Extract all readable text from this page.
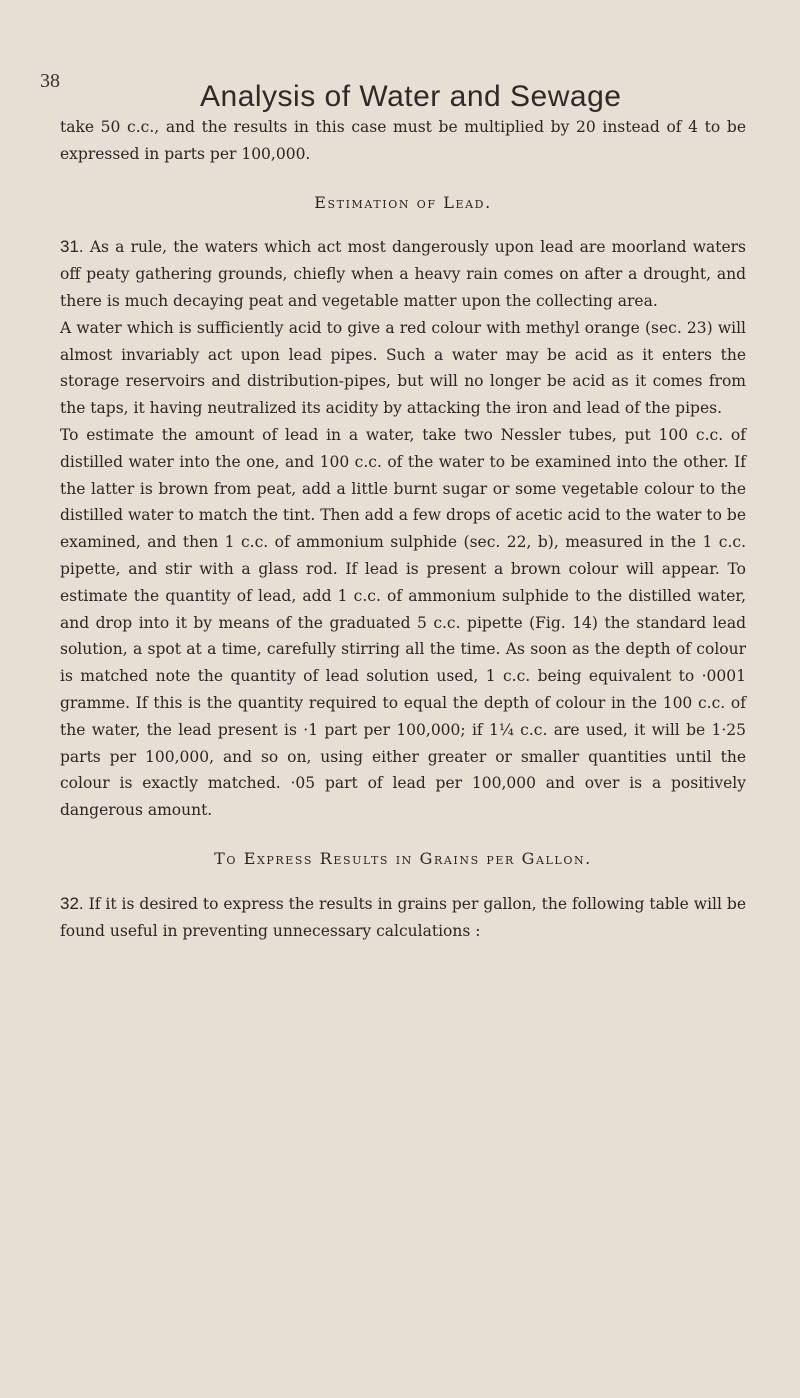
38	Analysis of Water and Sewage

take 50 c.c., and the results in this case must be multiplied by 20 instead of 4 to be expressed in parts per 100,000.

Estimation of Lead.

31. As a rule, the waters which act most dangerously upon lead are moorland waters off peaty gathering grounds, chiefly when a heavy rain comes on after a drought, and there is much decaying peat and vegetable matter upon the collecting area.

A water which is sufficiently acid to give a red colour with methyl orange (sec. 23) will almost invariably act upon lead pipes. Such a water may be acid as it enters the storage reservoirs and distribution-pipes, but will no longer be acid as it comes from the taps, it having neutralized its acidity by attacking the iron and lead of the pipes.

To estimate the amount of lead in a water, take two Nessler tubes, put 100 c.c. of distilled water into the one, and 100 c.c. of the water to be examined into the other. If the latter is brown from peat, add a little burnt sugar or some vegetable colour to the distilled water to match the tint. Then add a few drops of acetic acid to the water to be examined, and then 1 c.c. of ammonium sulphide (sec. 22, b), measured in the 1 c.c. pipette, and stir with a glass rod. If lead is present a brown colour will appear. To estimate the quantity of lead, add 1 c.c. of ammonium sulphide to the distilled water, and drop into it by means of the graduated 5 c.c. pipette (Fig. 14) the standard lead solution, a spot at a time, carefully stirring all the time. As soon as the depth of colour is matched note the quantity of lead solution used, 1 c.c. being equivalent to ·0001 gramme. If this is the quantity required to equal the depth of colour in the 100 c.c. of the water, the lead present is ·1 part per 100,000; if 1¼ c.c. are used, it will be 1·25 parts per 100,000, and so on, using either greater or smaller quantities until the colour is exactly matched. ·05 part of lead per 100,000 and over is a positively dangerous amount.

To Express Results in Grains per Gallon.

32. If it is desired to express the results in grains per gallon, the following table will be found useful in preventing unnecessary calculations :
